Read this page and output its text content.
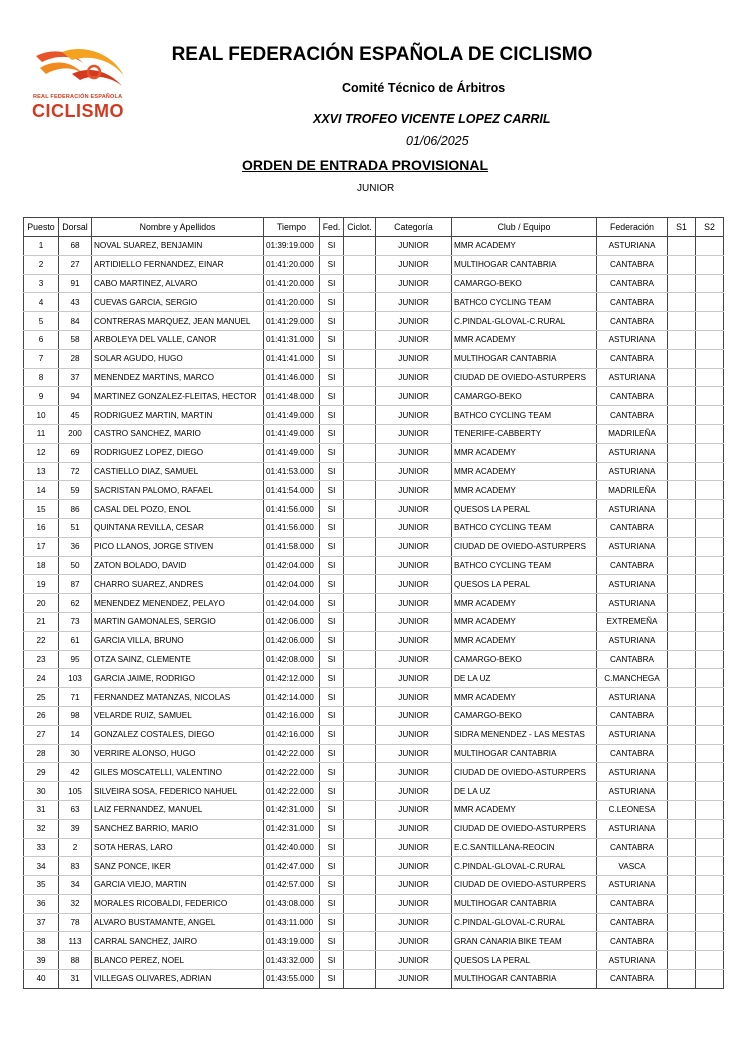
REAL FEDERACIÓN ESPAÑOLA
CICLISMO
REAL FEDERACIÓN ESPAÑOLA DE CICLISMO
Comité Técnico de Árbitros
XXVI TROFEO VICENTE LOPEZ CARRIL
01/06/2025
ORDEN DE ENTRADA PROVISIONAL
JUNIOR
Puesto	Dorsal	Nombre y Apellidos	Tiempo	Fed.	Ciclot.	Categoría	Club / Equipo	Federación	S1	S2
1	68	NOVAL SUAREZ, BENJAMIN	01:39:19.000	SI		JUNIOR	MMR ACADEMY	ASTURIANA		
2	27	ARTIDIELLO FERNANDEZ, EINAR	01:41:20.000	SI		JUNIOR	MULTIHOGAR CANTABRIA	CANTABRA		
3	91	CABO MARTINEZ, ALVARO	01:41:20.000	SI		JUNIOR	CAMARGO-BEKO	CANTABRA		
4	43	CUEVAS GARCIA, SERGIO	01:41:20.000	SI		JUNIOR	BATHCO CYCLING TEAM	CANTABRA		
5	84	CONTRERAS MARQUEZ, JEAN MANUEL	01:41:29.000	SI		JUNIOR	C.PINDAL-GLOVAL-C.RURAL	CANTABRA		
6	58	ARBOLEYA DEL VALLE, CANOR	01:41:31.000	SI		JUNIOR	MMR ACADEMY	ASTURIANA		
7	28	SOLAR AGUDO, HUGO	01:41:41.000	SI		JUNIOR	MULTIHOGAR CANTABRIA	CANTABRA		
8	37	MENENDEZ MARTINS, MARCO	01:41:46.000	SI		JUNIOR	CIUDAD DE OVIEDO-ASTURPERS	ASTURIANA		
9	94	MARTINEZ GONZALEZ-FLEITAS, HECTOR	01:41:48.000	SI		JUNIOR	CAMARGO-BEKO	CANTABRA		
10	45	RODRIGUEZ MARTIN, MARTIN	01:41:49.000	SI		JUNIOR	BATHCO CYCLING TEAM	CANTABRA		
11	200	CASTRO SANCHEZ, MARIO	01:41:49.000	SI		JUNIOR	TENERIFE-CABBERTY	MADRILEÑA		
12	69	RODRIGUEZ LOPEZ, DIEGO	01:41:49.000	SI		JUNIOR	MMR ACADEMY	ASTURIANA		
13	72	CASTIELLO DIAZ, SAMUEL	01:41:53.000	SI		JUNIOR	MMR ACADEMY	ASTURIANA		
14	59	SACRISTAN PALOMO, RAFAEL	01:41:54.000	SI		JUNIOR	MMR ACADEMY	MADRILEÑA		
15	86	CASAL DEL POZO, ENOL	01:41:56.000	SI		JUNIOR	QUESOS LA PERAL	ASTURIANA		
16	51	QUINTANA REVILLA, CESAR	01:41:56.000	SI		JUNIOR	BATHCO CYCLING TEAM	CANTABRA		
17	36	PICO LLANOS, JORGE STIVEN	01:41:58.000	SI		JUNIOR	CIUDAD DE OVIEDO-ASTURPERS	ASTURIANA		
18	50	ZATON BOLADO, DAVID	01:42:04.000	SI		JUNIOR	BATHCO CYCLING TEAM	CANTABRA		
19	87	CHARRO SUAREZ, ANDRES	01:42:04.000	SI		JUNIOR	QUESOS LA PERAL	ASTURIANA		
20	62	MENENDEZ MENENDEZ, PELAYO	01:42:04.000	SI		JUNIOR	MMR ACADEMY	ASTURIANA		
21	73	MARTIN GAMONALES, SERGIO	01:42:06.000	SI		JUNIOR	MMR ACADEMY	EXTREMEÑA		
22	61	GARCIA VILLA, BRUNO	01:42:06.000	SI		JUNIOR	MMR ACADEMY	ASTURIANA		
23	95	OTZA SAINZ, CLEMENTE	01:42:08.000	SI		JUNIOR	CAMARGO-BEKO	CANTABRA		
24	103	GARCIA JAIME, RODRIGO	01:42:12.000	SI		JUNIOR	DE LA UZ	C.MANCHEGA		
25	71	FERNANDEZ MATANZAS, NICOLAS	01:42:14.000	SI		JUNIOR	MMR ACADEMY	ASTURIANA		
26	98	VELARDE RUIZ, SAMUEL	01:42:16.000	SI		JUNIOR	CAMARGO-BEKO	CANTABRA		
27	14	GONZALEZ COSTALES, DIEGO	01:42:16.000	SI		JUNIOR	SIDRA MENENDEZ - LAS MESTAS	ASTURIANA		
28	30	VERRIRE ALONSO, HUGO	01:42:22.000	SI		JUNIOR	MULTIHOGAR CANTABRIA	CANTABRA		
29	42	GILES MOSCATELLI, VALENTINO	01:42:22.000	SI		JUNIOR	CIUDAD DE OVIEDO-ASTURPERS	ASTURIANA		
30	105	SILVEIRA SOSA, FEDERICO NAHUEL	01:42:22.000	SI		JUNIOR	DE LA UZ	ASTURIANA		
31	63	LAIZ FERNANDEZ, MANUEL	01:42:31.000	SI		JUNIOR	MMR ACADEMY	C.LEONESA		
32	39	SANCHEZ BARRIO, MARIO	01:42:31.000	SI		JUNIOR	CIUDAD DE OVIEDO-ASTURPERS	ASTURIANA		
33	2	SOTA HERAS, LARO	01:42:40.000	SI		JUNIOR	E.C.SANTILLANA-REOCIN	CANTABRA		
34	83	SANZ PONCE, IKER	01:42:47.000	SI		JUNIOR	C.PINDAL-GLOVAL-C.RURAL	VASCA		
35	34	GARCIA VIEJO, MARTIN	01:42:57.000	SI		JUNIOR	CIUDAD DE OVIEDO-ASTURPERS	ASTURIANA		
36	32	MORALES RICOBALDI, FEDERICO	01:43:08.000	SI		JUNIOR	MULTIHOGAR CANTABRIA	CANTABRA		
37	78	ALVARO BUSTAMANTE, ANGEL	01:43:11.000	SI		JUNIOR	C.PINDAL-GLOVAL-C.RURAL	CANTABRA		
38	113	CARRAL SANCHEZ, JAIRO	01:43:19.000	SI		JUNIOR	GRAN CANARIA BIKE TEAM	CANTABRA		
39	88	BLANCO PEREZ, NOEL	01:43:32.000	SI		JUNIOR	QUESOS LA PERAL	ASTURIANA		
40	31	VILLEGAS OLIVARES, ADRIAN	01:43:55.000	SI		JUNIOR	MULTIHOGAR CANTABRIA	CANTABRA		
